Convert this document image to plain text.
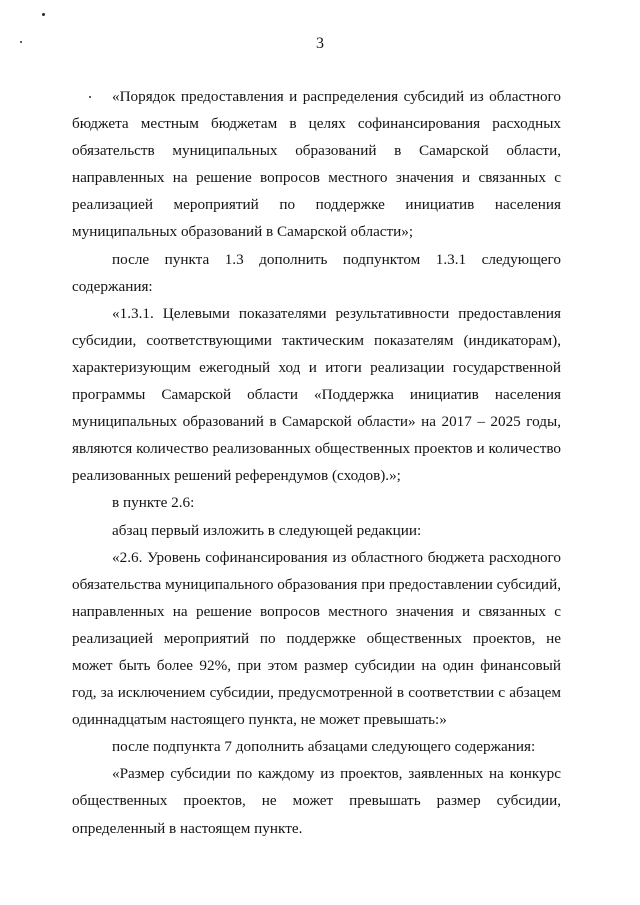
3

«Порядок предоставления и распределения субсидий из областного бюджета местным бюджетам в целях софинансирования расходных обязательств муниципальных образований в Самарской области, направленных на решение вопросов местного значения и связанных с реализацией мероприятий по поддержке инициатив населения муниципальных образований в Самарской области»;

после пункта 1.3 дополнить подпунктом 1.3.1 следующего содержания:

«1.3.1. Целевыми показателями результативности предоставления субсидии, соответствующими тактическим показателям (индикаторам), характеризующим ежегодный ход и итоги реализации государственной программы Самарской области «Поддержка инициатив населения муниципальных образований в Самарской области» на 2017 – 2025 годы, являются количество реализованных общественных проектов и количество реализованных решений референдумов (сходов).»;

в пункте 2.6:

абзац первый изложить в следующей редакции:

«2.6. Уровень софинансирования из областного бюджета расходного обязательства муниципального образования при предоставлении субсидий, направленных на решение вопросов местного значения и связанных с реализацией мероприятий по поддержке общественных проектов, не может быть более 92%, при этом размер субсидии на один финансовый год, за исключением субсидии, предусмотренной в соответствии с абзацем одиннадцатым настоящего пункта, не может превышать:»

после подпункта 7 дополнить абзацами следующего содержания:

«Размер субсидии по каждому из проектов, заявленных на конкурс общественных проектов, не может превышать размер субсидии, определенный в настоящем пункте.
